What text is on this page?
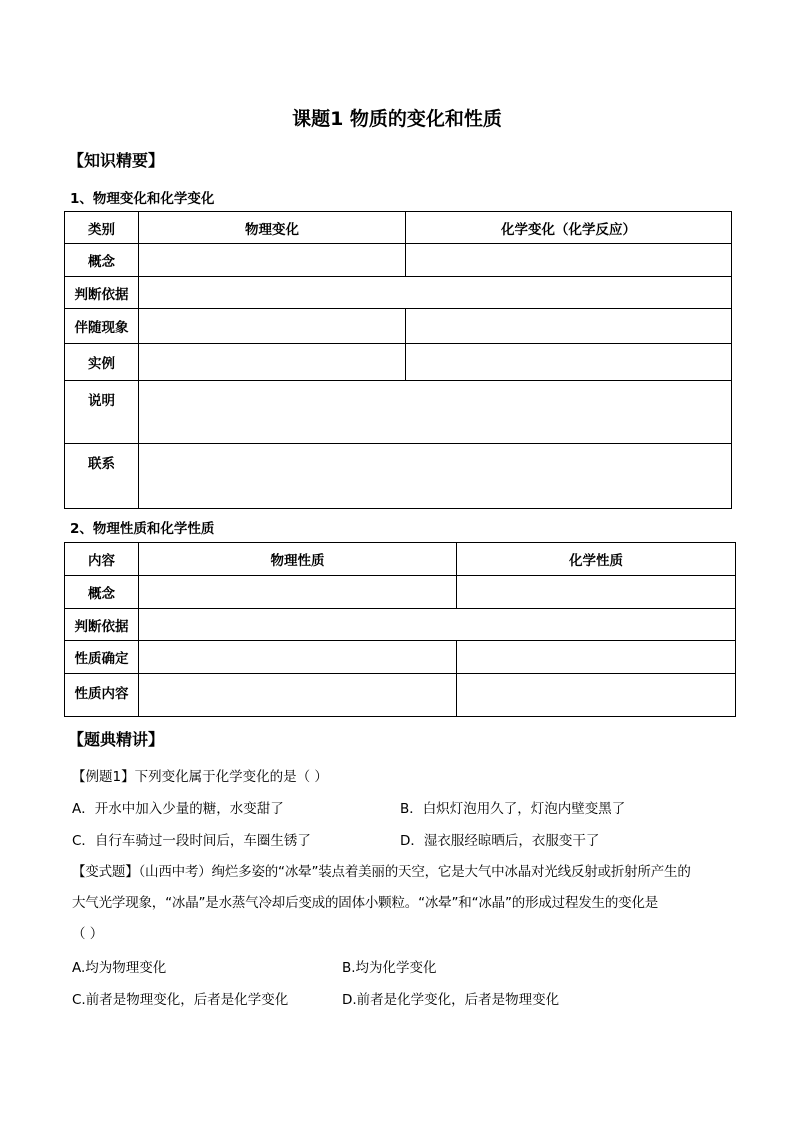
课题1 物质的变化和性质
【知识精要】
1、物理变化和化学变化
类别	物理变化	化学变化（化学反应）
概念		
判断依据		
伴随现象		
实例		
说明		
联系		
2、物理性质和化学性质
内容	物理性质	化学性质
概念		
判断依据		
性质确定		
性质内容		
【题典精讲】
【例题1】下列变化属于化学变化的是（ ）
A．开水中加入少量的糖，水变甜了	B．白炽灯泡用久了，灯泡内壁变黑了
C．自行车骑过一段时间后，车圈生锈了	D．湿衣服经晾晒后，衣服变干了
【变式题】（山西中考）绚烂多姿的“冰晕”装点着美丽的天空，它是大气中冰晶对光线反射或折射所产生的
大气光学现象，“冰晶”是水蒸气冷却后变成的固体小颗粒。“冰晕”和“冰晶”的形成过程发生的变化是
（ ）
A.均为物理变化	B.均为化学变化
C.前者是物理变化，后者是化学变化	D.前者是化学变化，后者是物理变化
